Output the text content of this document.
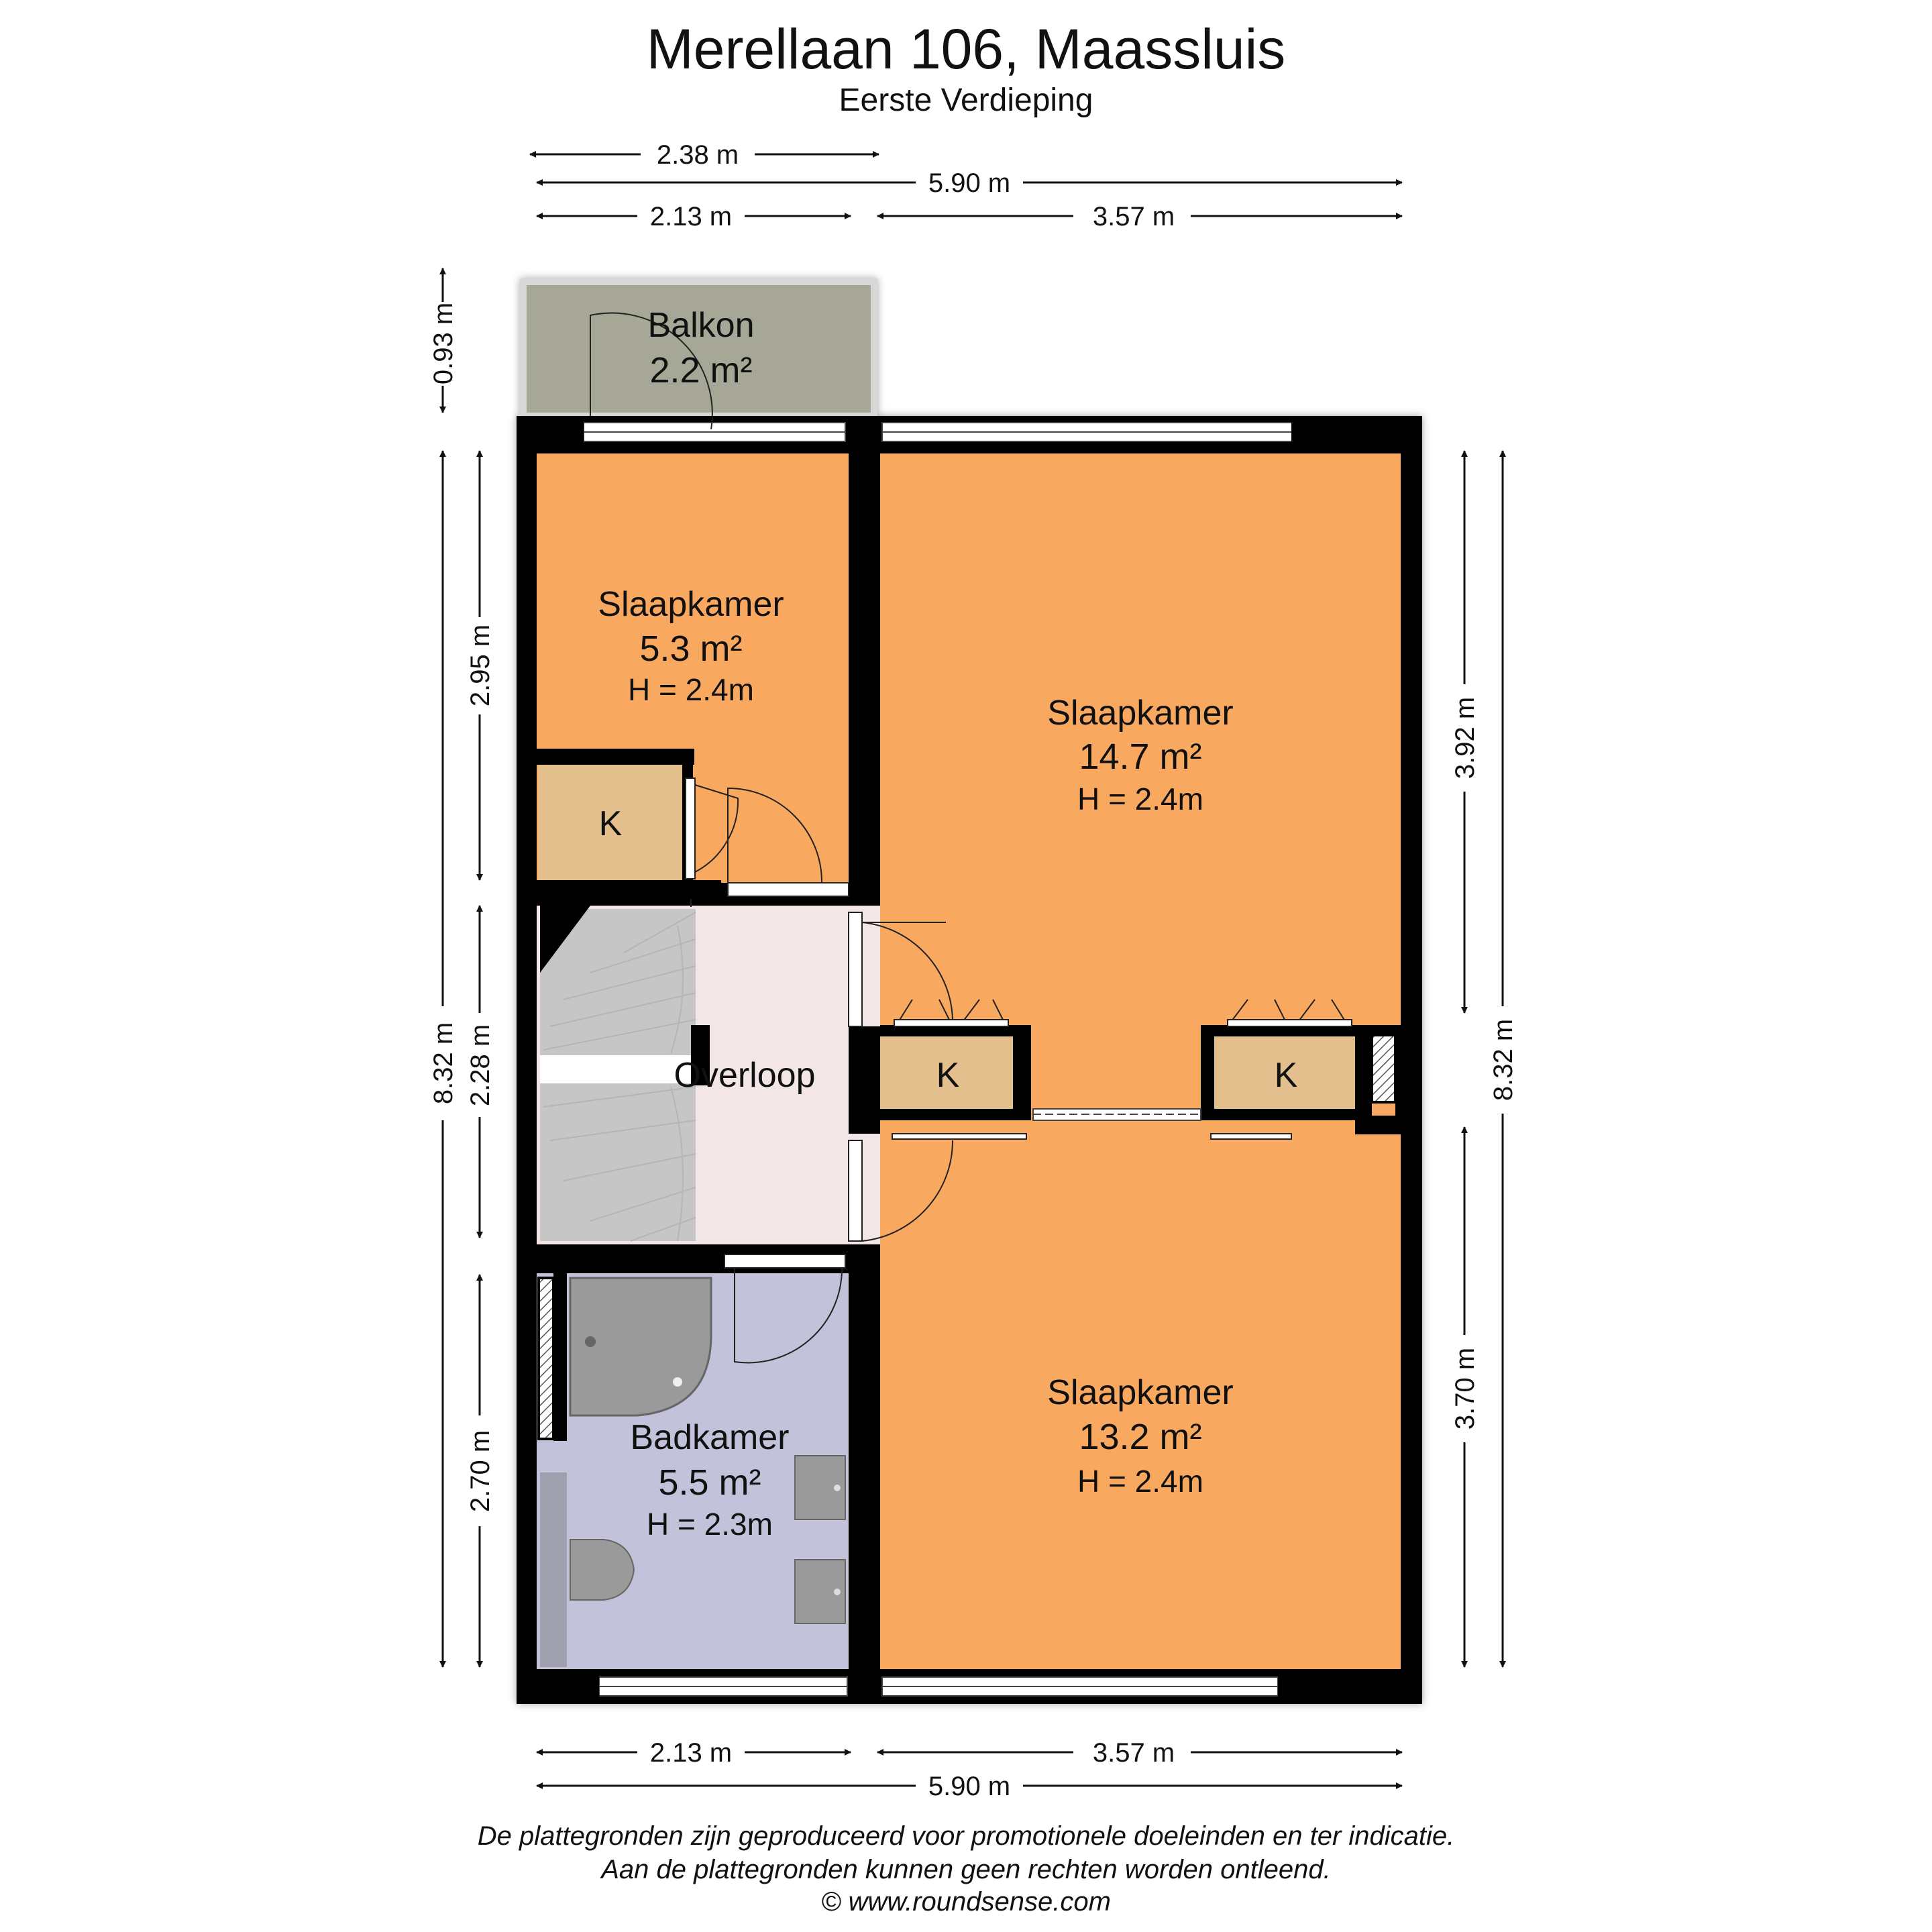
Merellaan 106, Maassluis
Eerste Verdieping
Balkon
2.2 m²
Slaapkamer
5.3 m²
H = 2.4m
Slaapkamer
14.7 m²
H = 2.4m
Slaapkamer
13.2 m²
H = 2.4m
Badkamer
5.5 m²
H = 2.3m
Overloop
K
K	K
2.38 m
5.90 m
2.13 m	3.57 m
2.13 m	3.57 m
5.90 m
0.93 m
8.32 m
2.95 m
2.28 m
2.70 m
3.92 m
3.70 m
8.32 m
De plattegronden zijn geproduceerd voor promotionele doeleinden en ter indicatie.
Aan de plattegronden kunnen geen rechten worden ontleend.
© www.roundsense.com
